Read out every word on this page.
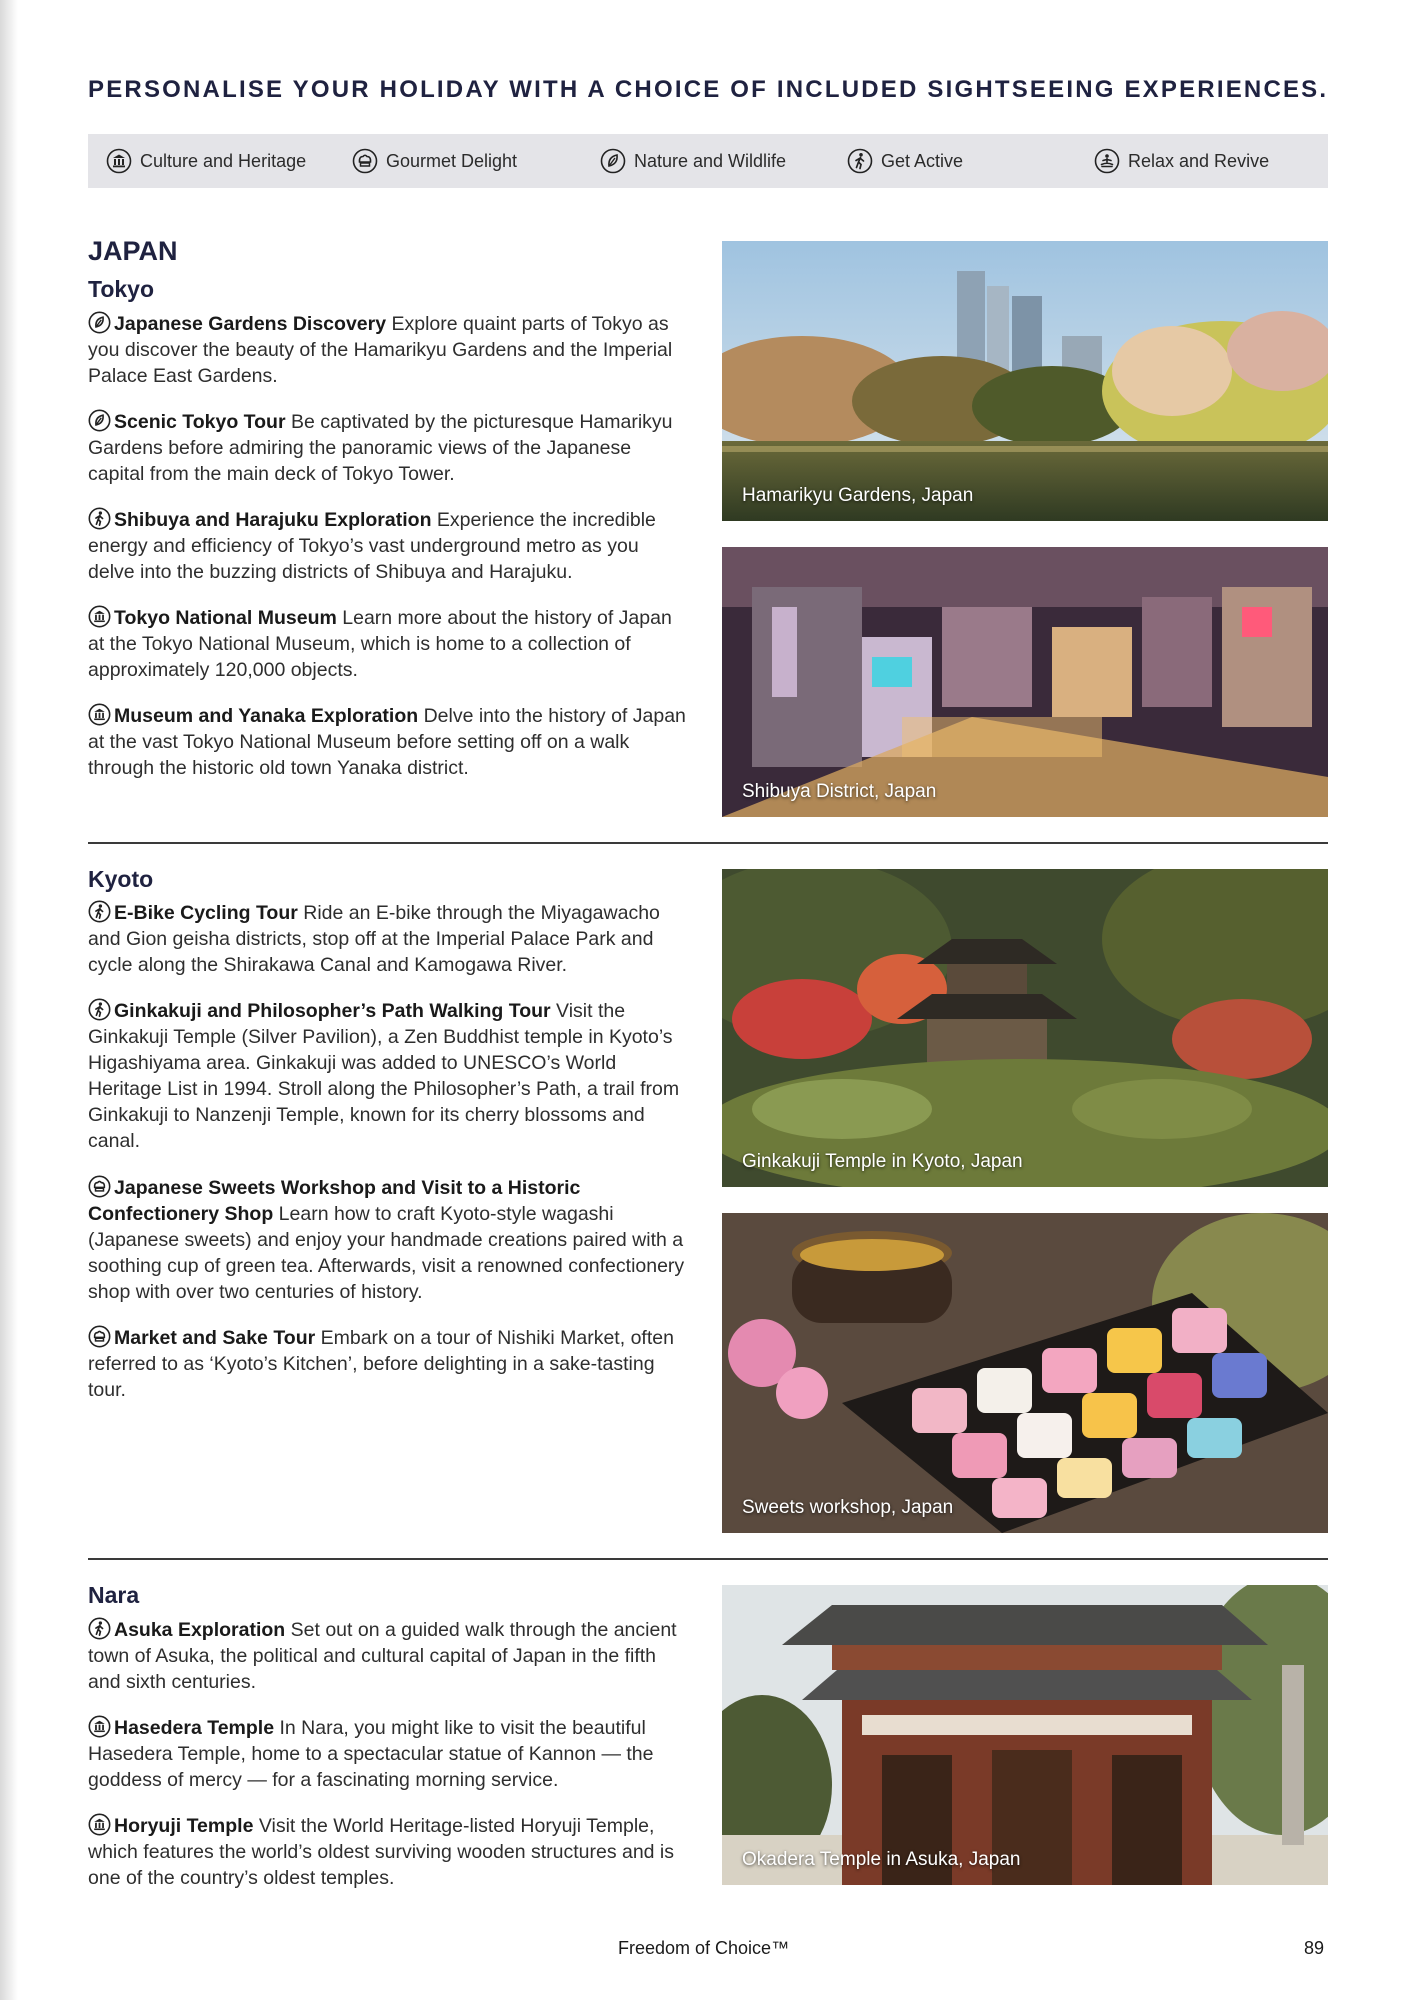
PERSONALISE YOUR HOLIDAY WITH A CHOICE OF INCLUDED SIGHTSEEING EXPERIENCES.
Culture and Heritage	Gourmet Delight	Nature and Wildlife	Get Active	Relax and Revive
JAPAN
Tokyo
Japanese Gardens Discovery Explore quaint parts of Tokyo as you discover the beauty of the Hamarikyu Gardens and the Imperial Palace East Gardens.
Scenic Tokyo Tour Be captivated by the picturesque Hamarikyu Gardens before admiring the panoramic views of the Japanese capital from the main deck of Tokyo Tower.
Shibuya and Harajuku Exploration Experience the incredible energy and efficiency of Tokyo’s vast underground metro as you delve into the buzzing districts of Shibuya and Harajuku.
Tokyo National Museum Learn more about the history of Japan at the Tokyo National Museum, which is home to a collection of approximately 120,000 objects.
Museum and Yanaka Exploration Delve into the history of Japan at the vast Tokyo National Museum before setting off on a walk through the historic old town Yanaka district.
Hamarikyu Gardens, Japan
Shibuya District, Japan
Kyoto
E-Bike Cycling Tour Ride an E-bike through the Miyagawacho and Gion geisha districts, stop off at the Imperial Palace Park and cycle along the Shirakawa Canal and Kamogawa River.
Ginkakuji and Philosopher’s Path Walking Tour Visit the Ginkakuji Temple (Silver Pavilion), a Zen Buddhist temple in Kyoto’s Higashiyama area. Ginkakuji was added to UNESCO’s World Heritage List in 1994. Stroll along the Philosopher’s Path, a trail from Ginkakuji to Nanzenji Temple, known for its cherry blossoms and canal.
Japanese Sweets Workshop and Visit to a Historic Confectionery Shop Learn how to craft Kyoto-style wagashi (Japanese sweets) and enjoy your handmade creations paired with a soothing cup of green tea. Afterwards, visit a renowned confectionery shop with over two centuries of history.
Market and Sake Tour Embark on a tour of Nishiki Market, often referred to as ‘Kyoto’s Kitchen’, before delighting in a sake-tasting tour.
Ginkakuji Temple in Kyoto, Japan
Sweets workshop, Japan
Nara
Asuka Exploration Set out on a guided walk through the ancient town of Asuka, the political and cultural capital of Japan in the fifth and sixth centuries.
Hasedera Temple In Nara, you might like to visit the beautiful Hasedera Temple, home to a spectacular statue of Kannon — the goddess of mercy — for a fascinating morning service.
Horyuji Temple Visit the World Heritage-listed Horyuji Temple, which features the world’s oldest surviving wooden structures and is one of the country’s oldest temples.
Okadera Temple in Asuka, Japan
Freedom of Choice™	89
